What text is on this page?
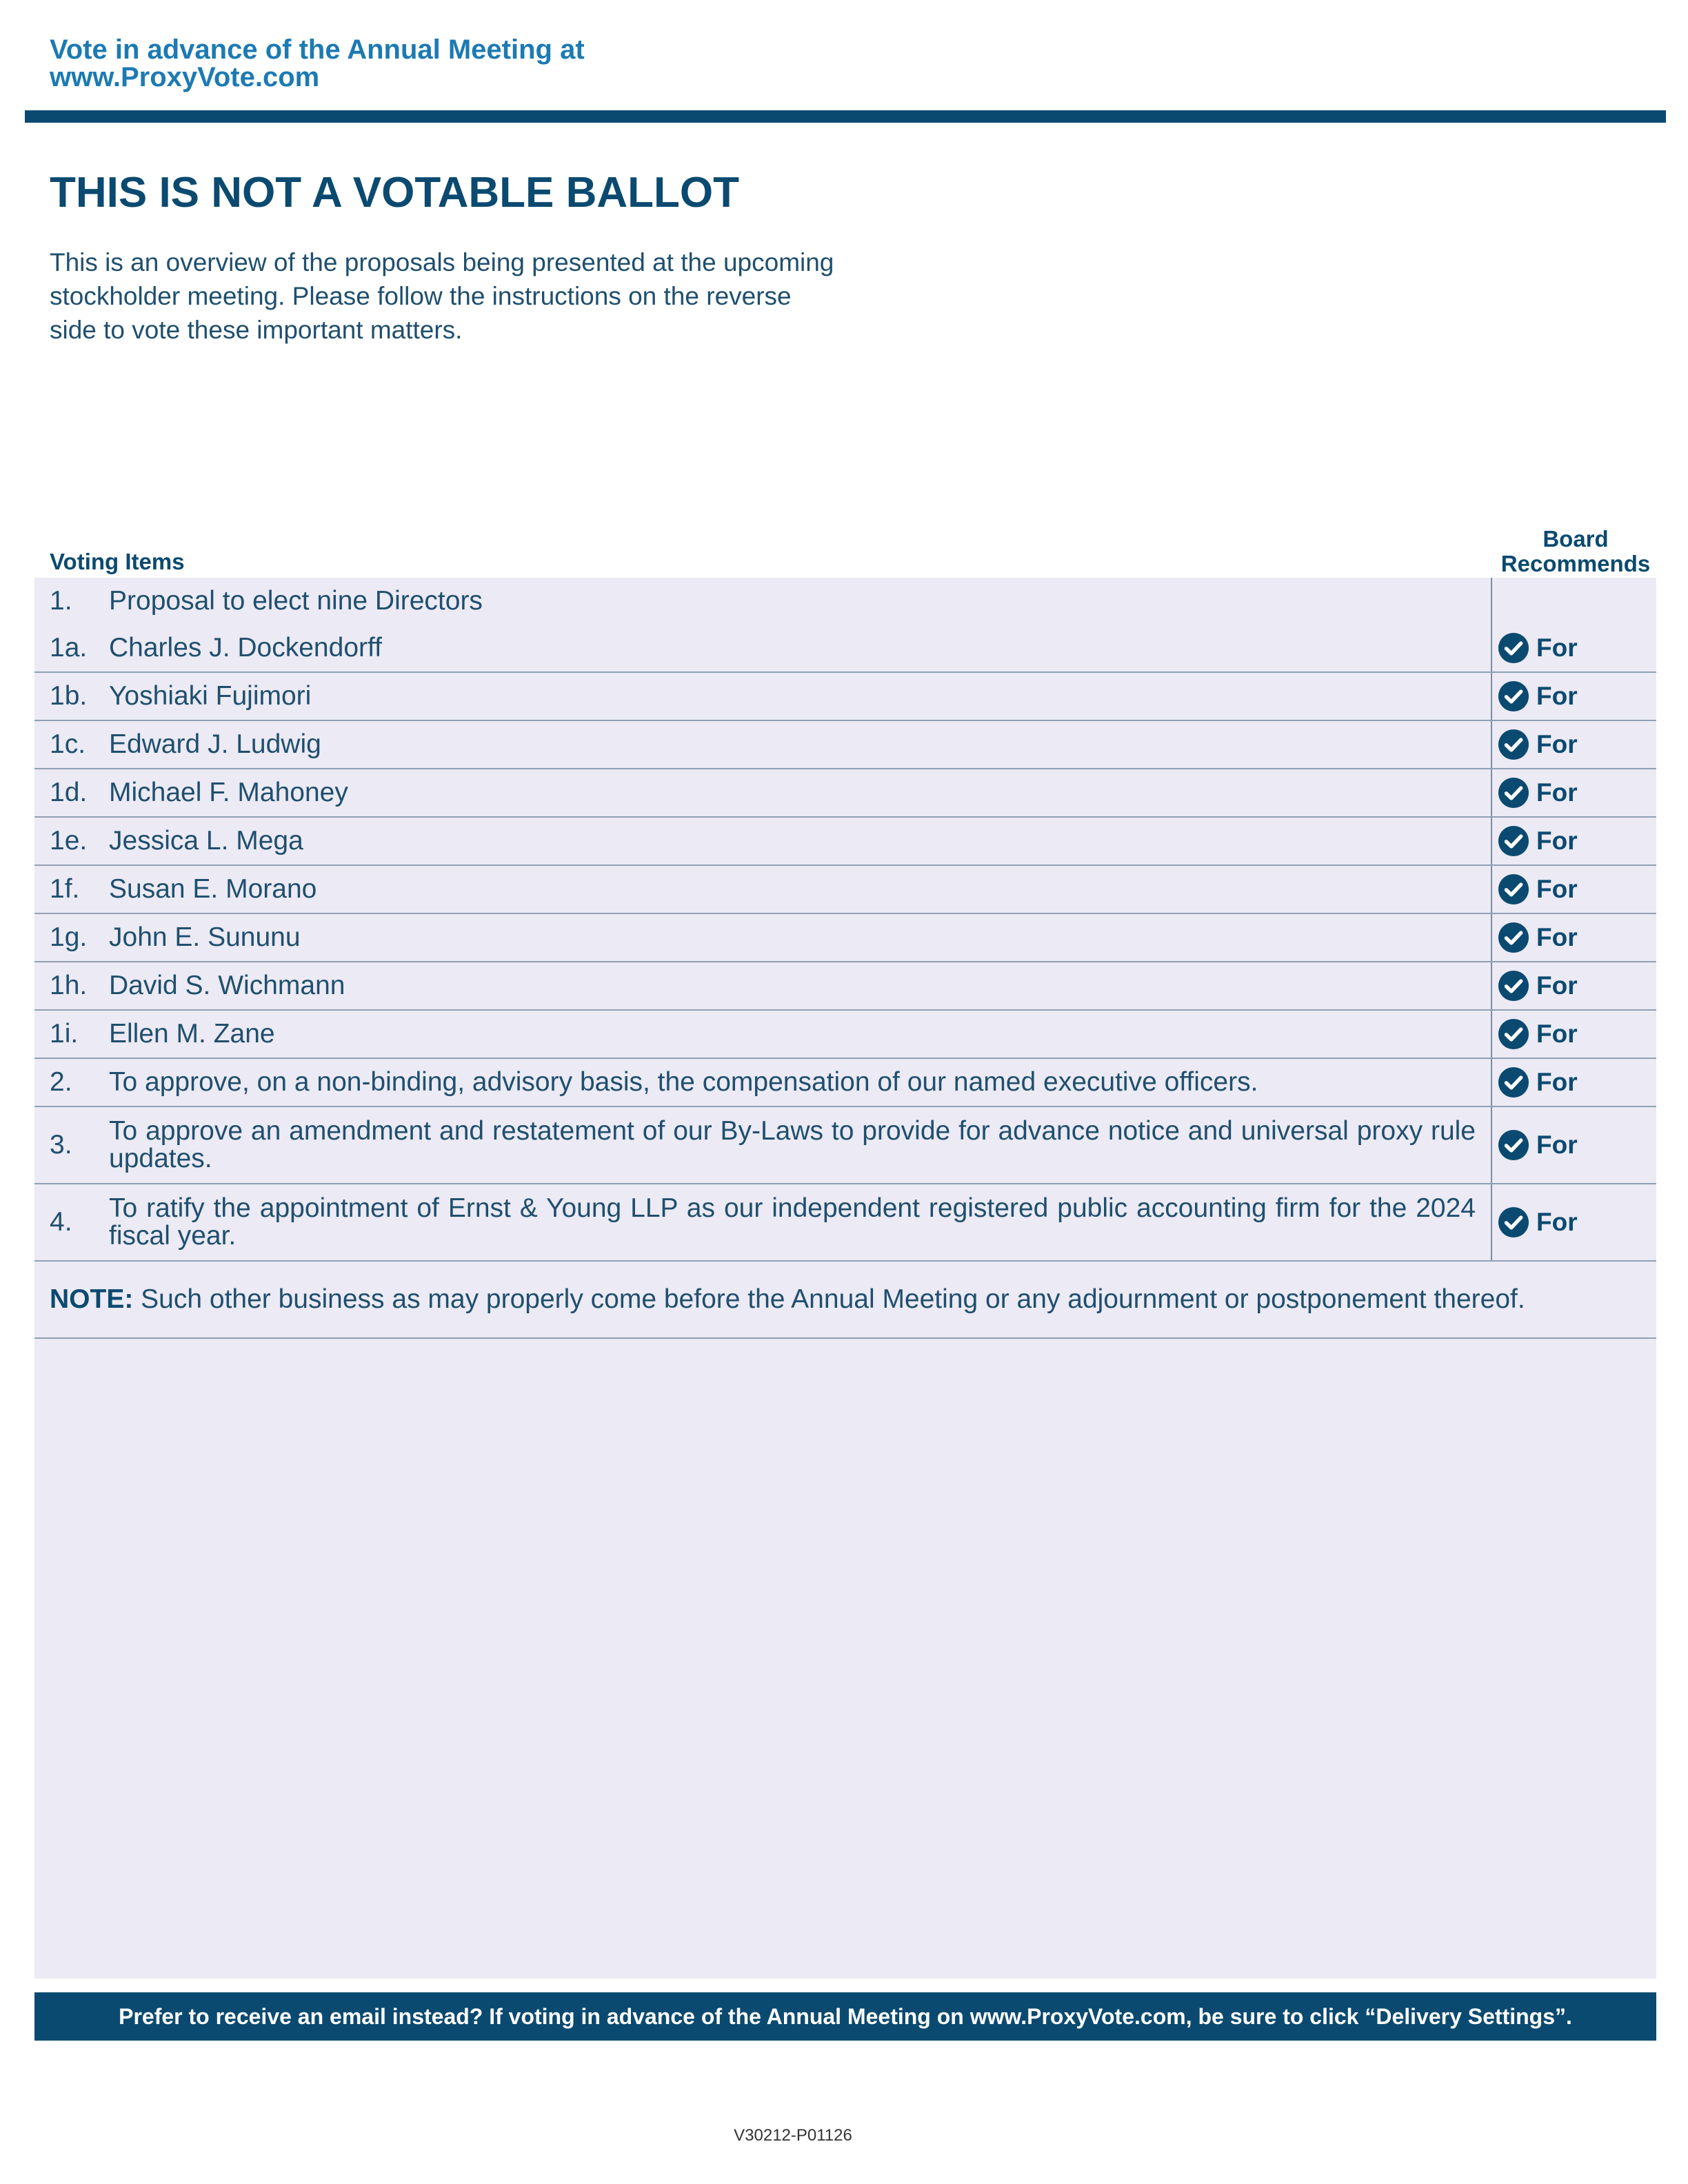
Vote in advance of the Annual Meeting at
www.ProxyVote.com
THIS IS NOT A VOTABLE BALLOT
This is an overview of the proposals being presented at the upcoming stockholder meeting. Please follow the instructions on the reverse side to vote these important matters.
Voting Items
Board
Recommends
1.	Proposal to elect nine Directors	
1a.	Charles J. Dockendorff	For

1b.	Yoshiaki Fujimori	For

1c.	Edward J. Ludwig	For

1d.	Michael F. Mahoney	For

1e.	Jessica L. Mega	For

1f.	Susan E. Morano	For

1g.	John E. Sununu	For

1h.	David S. Wichmann	For

1i.	Ellen M. Zane	For

2.	To approve, on a non-binding, advisory basis, the compensation of our named executive officers.	For

3.	To approve an amendment and restatement of our By-Laws to provide for advance notice and universal proxy rule updates.	For

4.	To ratify the appointment of Ernst & Young LLP as our independent registered public accounting firm for the 2024 fiscal year.	For

NOTE: Such other business as may properly come before the Annual Meeting or any adjournment or postponement thereof.		
Prefer to receive an email instead? If voting in advance of the Annual Meeting on www.ProxyVote.com, be sure to click “Delivery Settings”.
V30212-P01126
